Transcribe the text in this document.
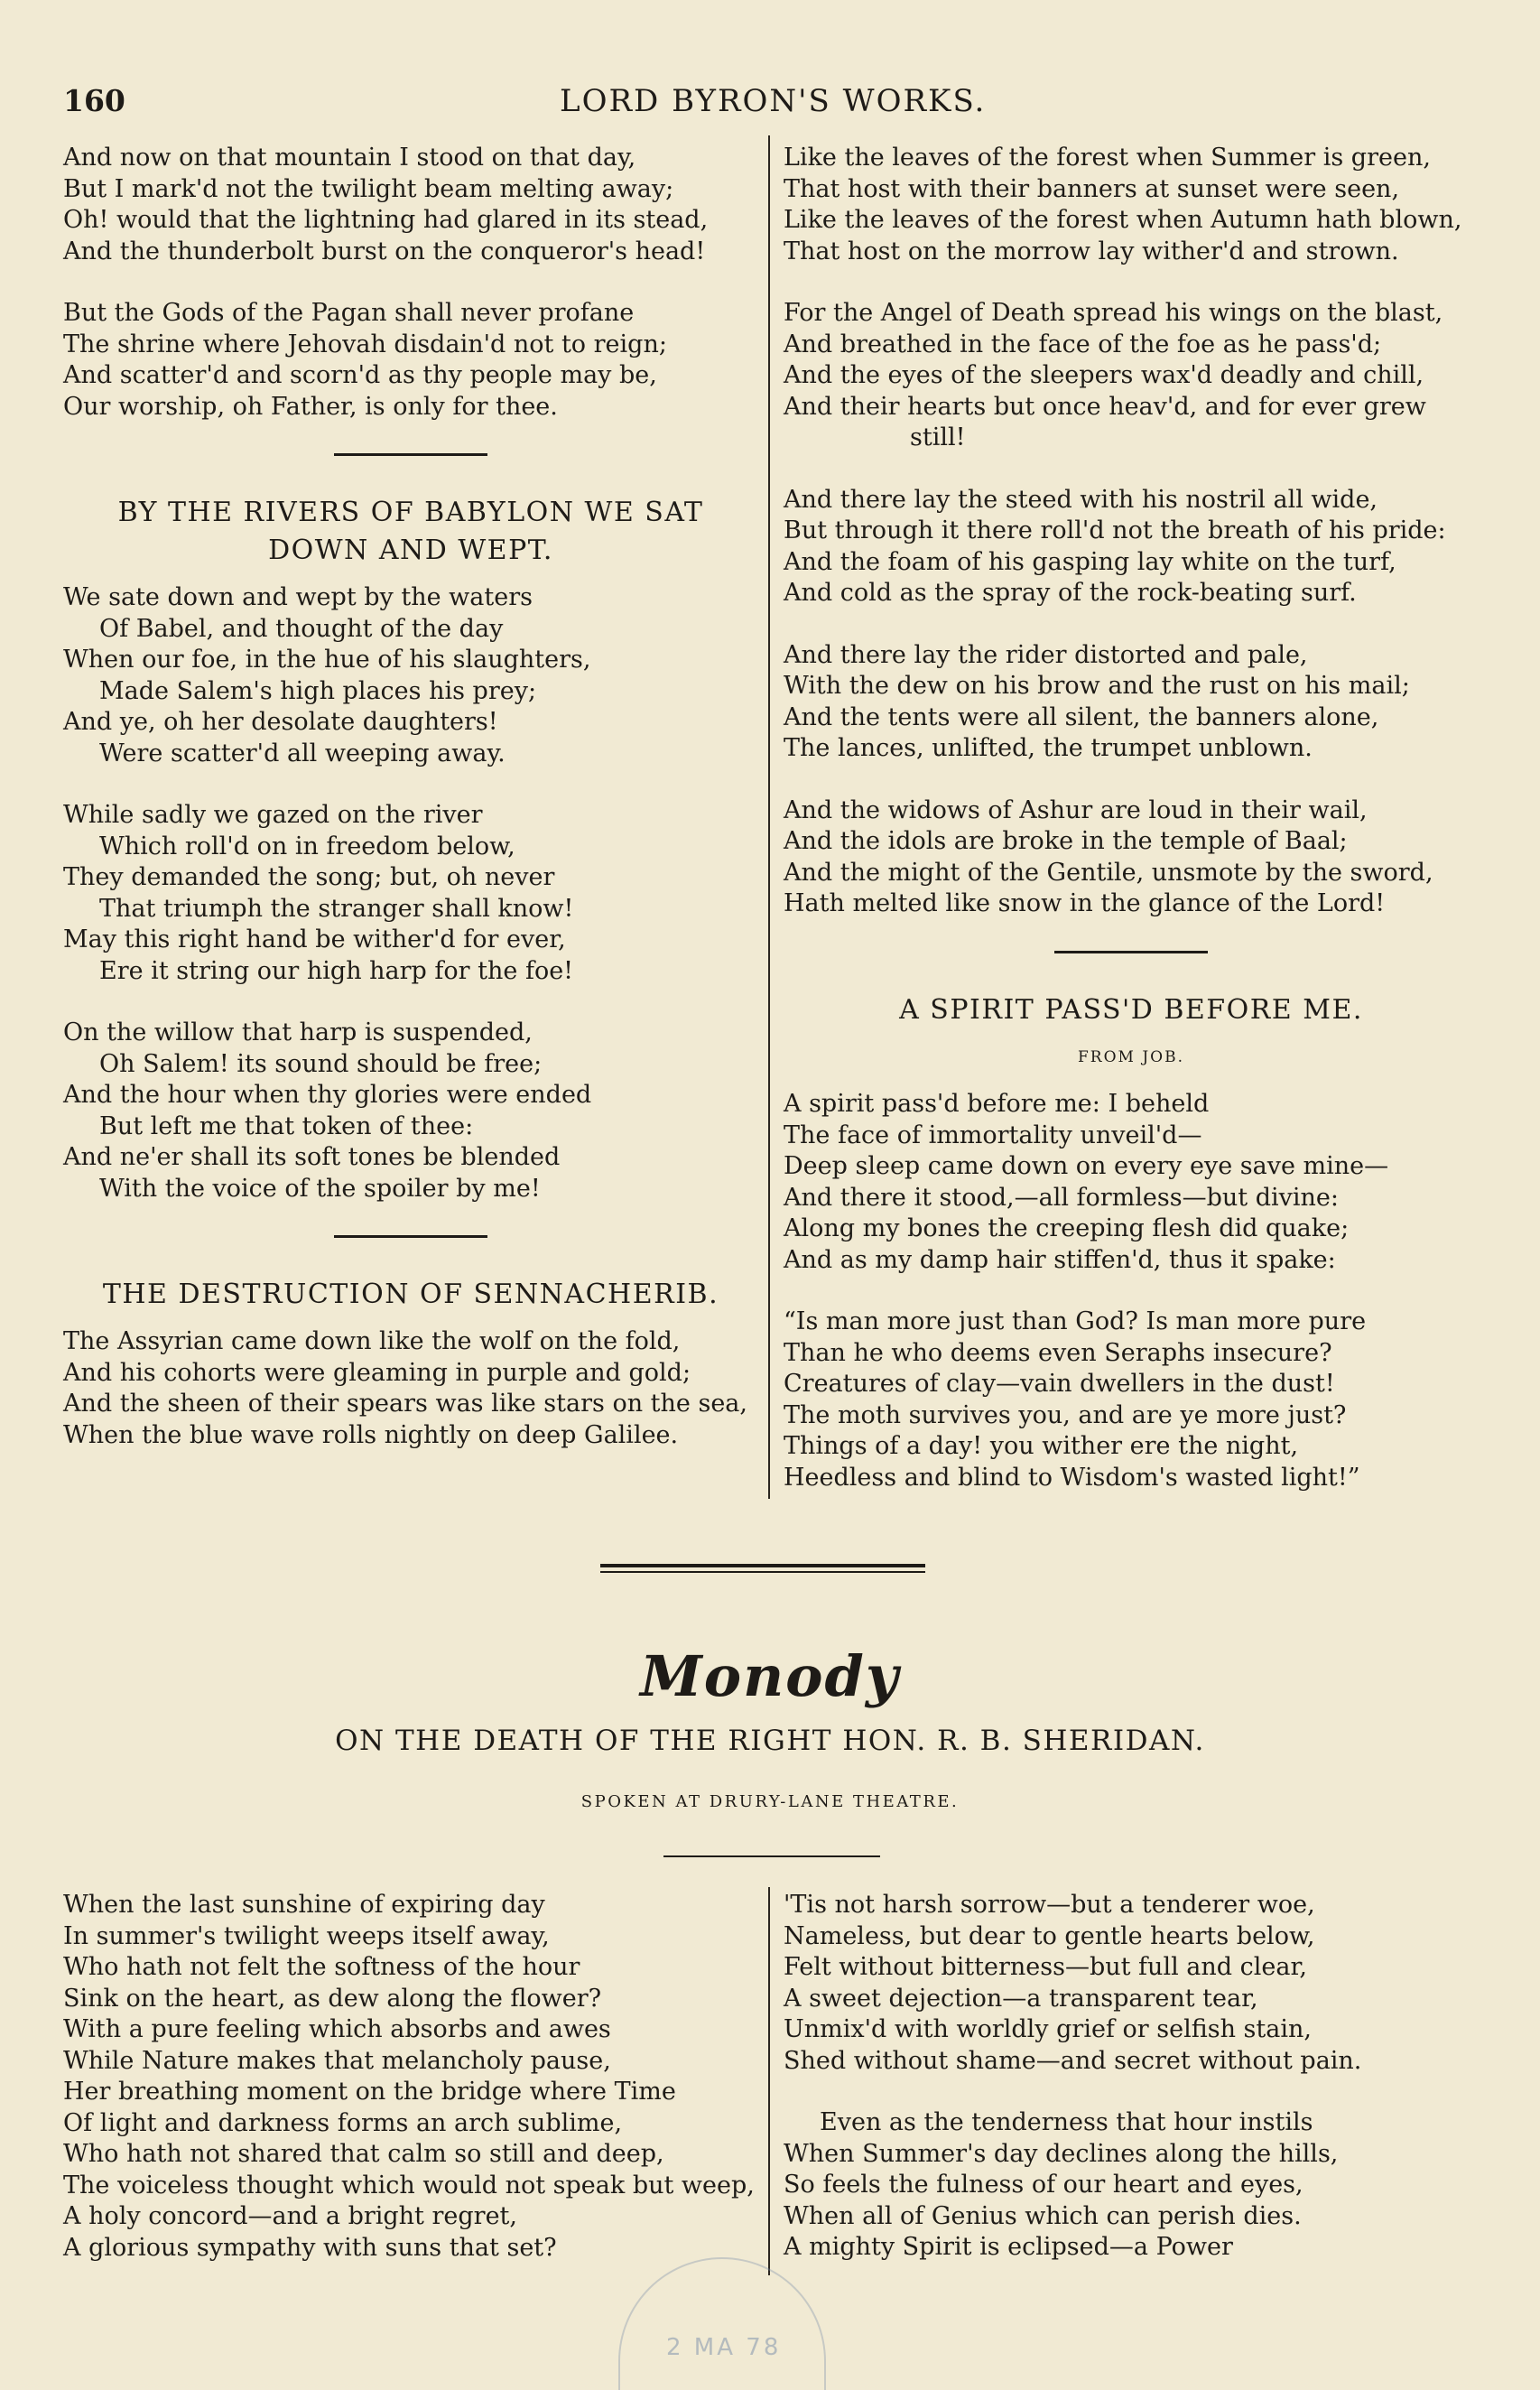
160	LORD BYRON'S WORKS.
And now on that mountain I stood on that day,
But I mark'd not the twilight beam melting away;
Oh! would that the lightning had glared in its stead,
And the thunderbolt burst on the conqueror's head!
But the Gods of the Pagan shall never profane
The shrine where Jehovah disdain'd not to reign;
And scatter'd and scorn'd as thy people may be,
Our worship, oh Father, is only for thee.
BY THE RIVERS OF BABYLON WE SAT DOWN AND WEPT.
We sate down and wept by the waters
Of Babel, and thought of the day
When our foe, in the hue of his slaughters,
Made Salem's high places his prey;
And ye, oh her desolate daughters!
Were scatter'd all weeping away.
While sadly we gazed on the river
Which roll'd on in freedom below,
They demanded the song; but, oh never
That triumph the stranger shall know!
May this right hand be wither'd for ever,
Ere it string our high harp for the foe!
On the willow that harp is suspended,
Oh Salem! its sound should be free;
And the hour when thy glories were ended
But left me that token of thee:
And ne'er shall its soft tones be blended
With the voice of the spoiler by me!
THE DESTRUCTION OF SENNACHERIB.
The Assyrian came down like the wolf on the fold,
And his cohorts were gleaming in purple and gold;
And the sheen of their spears was like stars on the sea,
When the blue wave rolls nightly on deep Galilee.
Like the leaves of the forest when Summer is green,
That host with their banners at sunset were seen,
Like the leaves of the forest when Autumn hath blown,
That host on the morrow lay wither'd and strown.
For the Angel of Death spread his wings on the blast,
And breathed in the face of the foe as he pass'd;
And the eyes of the sleepers wax'd deadly and chill,
And their hearts but once heav'd, and for ever grew
still!
And there lay the steed with his nostril all wide,
But through it there roll'd not the breath of his pride:
And the foam of his gasping lay white on the turf,
And cold as the spray of the rock-beating surf.
And there lay the rider distorted and pale,
With the dew on his brow and the rust on his mail;
And the tents were all silent, the banners alone,
The lances, unlifted, the trumpet unblown.
And the widows of Ashur are loud in their wail,
And the idols are broke in the temple of Baal;
And the might of the Gentile, unsmote by the sword,
Hath melted like snow in the glance of the Lord!
A SPIRIT PASS'D BEFORE ME.
FROM JOB.
A spirit pass'd before me: I beheld
The face of immortality unveil'd—
Deep sleep came down on every eye save mine—
And there it stood,—all formless—but divine:
Along my bones the creeping flesh did quake;
And as my damp hair stiffen'd, thus it spake:
“Is man more just than God? Is man more pure
Than he who deems even Seraphs insecure?
Creatures of clay—vain dwellers in the dust!
The moth survives you, and are ye more just?
Things of a day! you wither ere the night,
Heedless and blind to Wisdom's wasted light!”
Monody
ON THE DEATH OF THE RIGHT HON. R. B. SHERIDAN.
SPOKEN AT DRURY-LANE THEATRE.
When the last sunshine of expiring day
In summer's twilight weeps itself away,
Who hath not felt the softness of the hour
Sink on the heart, as dew along the flower?
With a pure feeling which absorbs and awes
While Nature makes that melancholy pause,
Her breathing moment on the bridge where Time
Of light and darkness forms an arch sublime,
Who hath not shared that calm so still and deep,
The voiceless thought which would not speak but weep,
A holy concord—and a bright regret,
A glorious sympathy with suns that set?
'Tis not harsh sorrow—but a tenderer woe,
Nameless, but dear to gentle hearts below,
Felt without bitterness—but full and clear,
A sweet dejection—a transparent tear,
Unmix'd with worldly grief or selfish stain,
Shed without shame—and secret without pain.
Even as the tenderness that hour instils
When Summer's day declines along the hills,
So feels the fulness of our heart and eyes,
When all of Genius which can perish dies.
A mighty Spirit is eclipsed—a Power
2 MA 78
